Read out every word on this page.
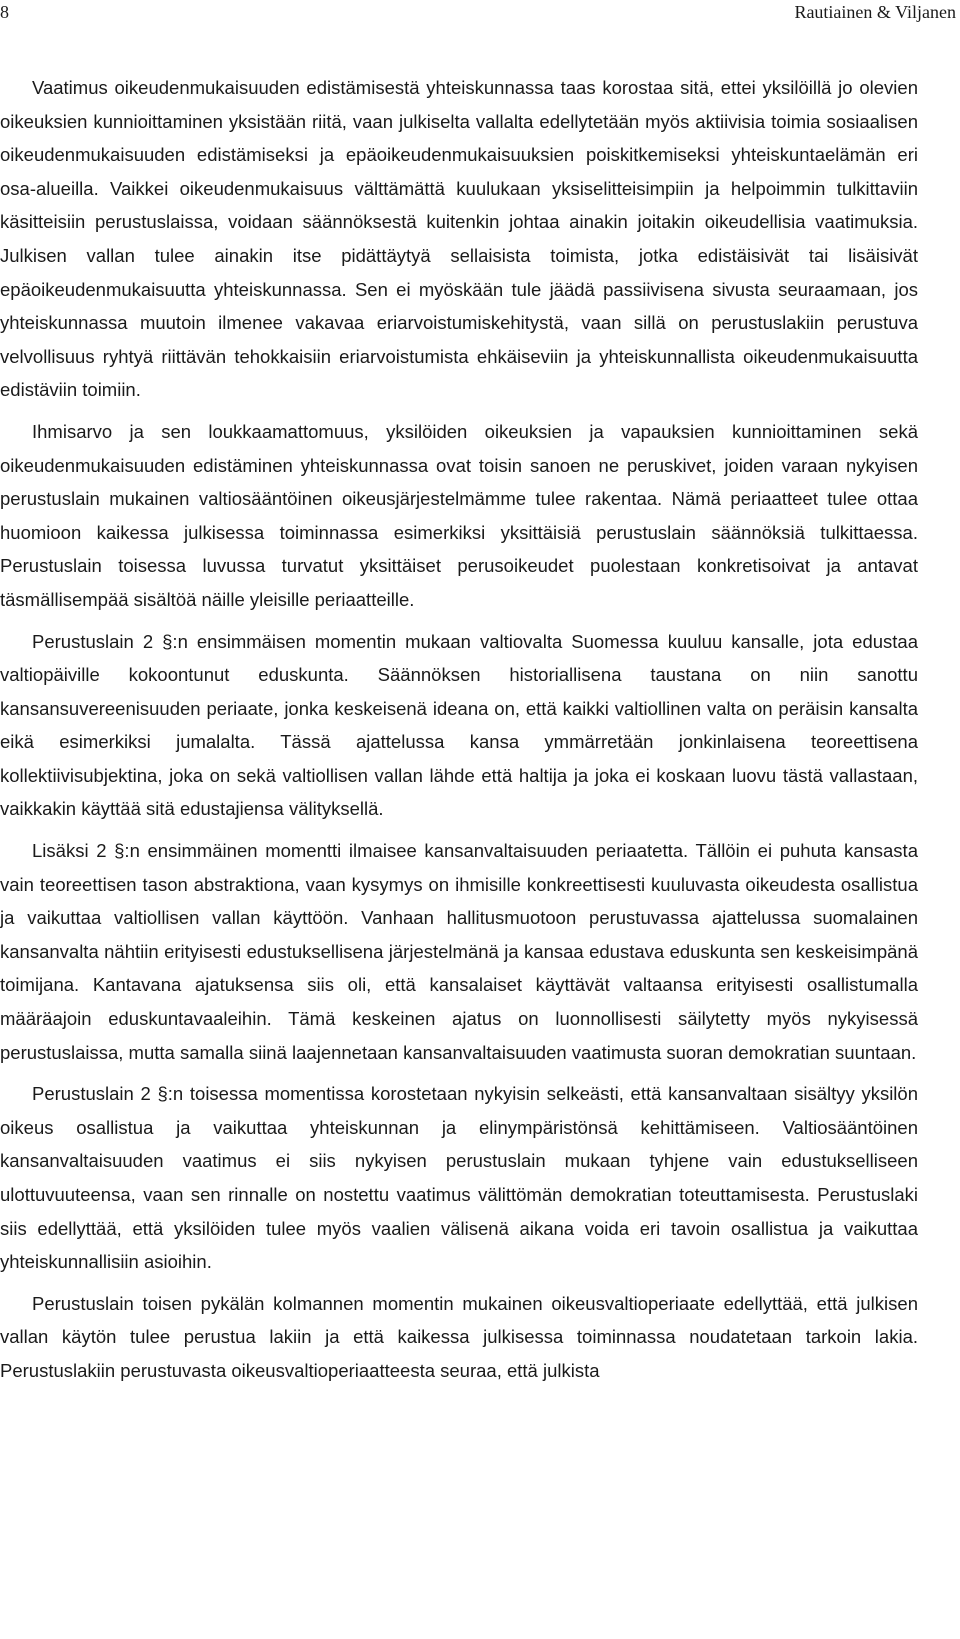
8	Rautiainen & Viljanen

Vaatimus oikeudenmukaisuuden edistämisestä yhteiskunnassa taas korostaa sitä, ettei yksilöillä jo olevien oikeuksien kunnioittaminen yksistään riitä, vaan julkiselta vallalta edellytetään myös aktiivisia toimia sosiaalisen oikeudenmukaisuuden edistämiseksi ja epäoikeudenmukaisuuksien poiskitkemiseksi yhteiskuntaelämän eri osa-alueilla. Vaikkei oikeudenmukaisuus välttämättä kuulukaan yksiselitteisimpiin ja helpoimmin tulkittaviin käsitteisiin perustuslaissa, voidaan säännöksestä kuitenkin johtaa ainakin joitakin oikeudellisia vaatimuksia. Julkisen vallan tulee ainakin itse pidättäytyä sellaisista toimista, jotka edistäisivät tai lisäisivät epäoikeudenmukaisuutta yhteiskunnassa. Sen ei myöskään tule jäädä passiivisena sivusta seuraamaan, jos yhteiskunnassa muutoin ilmenee vakavaa eriarvoistumiskehitystä, vaan sillä on perustuslakiin perustuva velvollisuus ryhtyä riittävän tehokkaisiin eriarvoistumista ehkäiseviin ja yhteiskunnallista oikeudenmukaisuutta edistäviin toimiin.

Ihmisarvo ja sen loukkaamattomuus, yksilöiden oikeuksien ja vapauksien kunnioittaminen sekä oikeudenmukaisuuden edistäminen yhteiskunnassa ovat toisin sanoen ne peruskivet, joiden varaan nykyisen perustuslain mukainen valtiosääntöinen oikeusjärjestelmämme tulee rakentaa. Nämä periaatteet tulee ottaa huomioon kaikessa julkisessa toiminnassa esimerkiksi yksittäisiä perustuslain säännöksiä tulkittaessa. Perustuslain toisessa luvussa turvatut yksittäiset perusoikeudet puolestaan konkretisoivat ja antavat täsmällisempää sisältöä näille yleisille periaatteille.

Perustuslain 2 §:n ensimmäisen momentin mukaan valtiovalta Suomessa kuuluu kansalle, jota edustaa valtiopäiville kokoontunut eduskunta. Säännöksen historiallisena taustana on niin sanottu kansansuvereenisuuden periaate, jonka keskeisenä ideana on, että kaikki valtiollinen valta on peräisin kansalta eikä esimerkiksi jumalalta. Tässä ajattelussa kansa ymmärretään jonkinlaisena teoreettisena kollektiivisubjektina, joka on sekä valtiollisen vallan lähde että haltija ja joka ei koskaan luovu tästä vallastaan, vaikkakin käyttää sitä edustajiensa välityksellä.

Lisäksi 2 §:n ensimmäinen momentti ilmaisee kansanvaltaisuuden periaatetta. Tällöin ei puhuta kansasta vain teoreettisen tason abstraktiona, vaan kysymys on ihmisille konkreettisesti kuuluvasta oikeudesta osallistua ja vaikuttaa valtiollisen vallan käyttöön. Vanhaan hallitusmuotoon perustuvassa ajattelussa suomalainen kansanvalta nähtiin erityisesti edustuksellisena järjestelmänä ja kansaa edustava eduskunta sen keskeisimpänä toimijana. Kantavana ajatuksensa siis oli, että kansalaiset käyttävät valtaansa erityisesti osallistumalla määräajoin eduskuntavaaleihin. Tämä keskeinen ajatus on luonnollisesti säilytetty myös nykyisessä perustuslaissa, mutta samalla siinä laajennetaan kansanvaltaisuuden vaatimusta suoran demokratian suuntaan.

Perustuslain 2 §:n toisessa momentissa korostetaan nykyisin selkeästi, että kansanvaltaan sisältyy yksilön oikeus osallistua ja vaikuttaa yhteiskunnan ja elinympäristönsä kehittämiseen. Valtiosääntöinen kansanvaltaisuuden vaatimus ei siis nykyisen perustuslain mukaan tyhjene vain edustukselliseen ulottuvuuteensa, vaan sen rinnalle on nostettu vaatimus välittömän demokratian toteuttamisesta. Perustuslaki siis edellyttää, että yksilöiden tulee myös vaalien välisenä aikana voida eri tavoin osallistua ja vaikuttaa yhteiskunnallisiin asioihin.

Perustuslain toisen pykälän kolmannen momentin mukainen oikeusvaltioperiaate edellyttää, että julkisen vallan käytön tulee perustua lakiin ja että kaikessa julkisessa toiminnassa noudatetaan tarkoin lakia. Perustuslakiin perustuvasta oikeusvaltioperiaatteesta seuraa, että julkista
